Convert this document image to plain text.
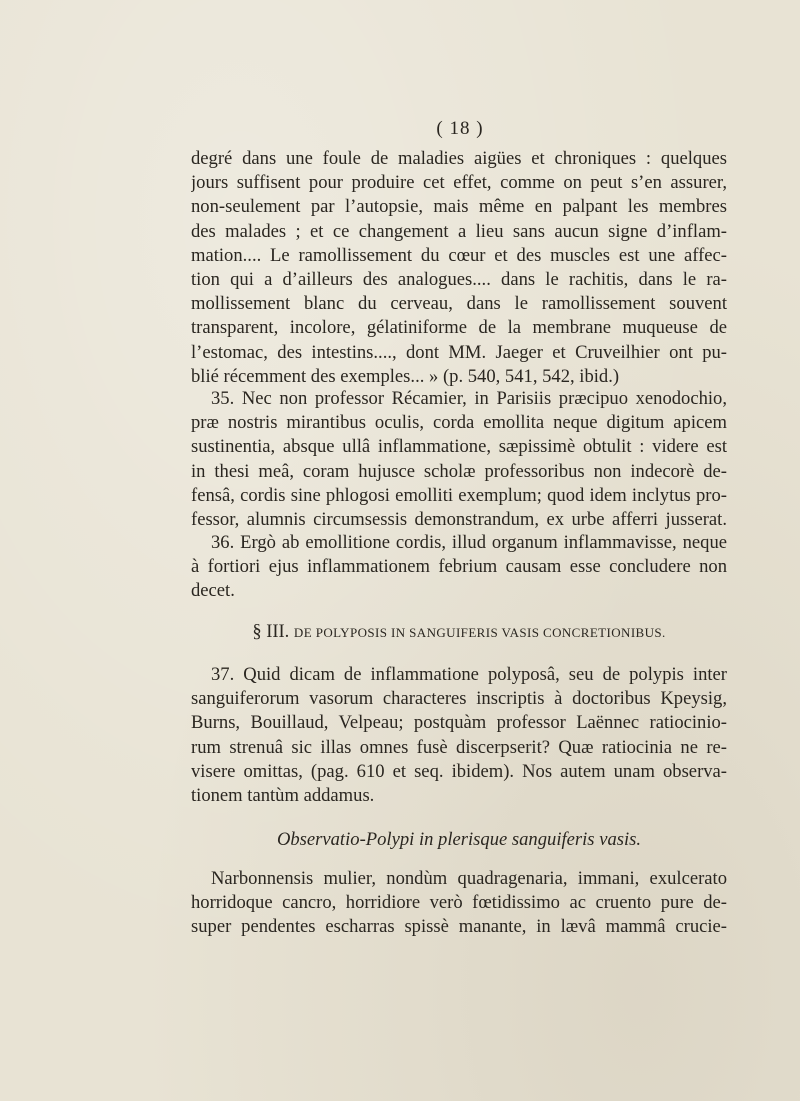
( 18 )
degré dans une foule de maladies aigües et chroniques : quelques
jours suffisent pour produire cet effet, comme on peut s’en assurer,
non-seulement par l’autopsie, mais même en palpant les membres
des malades ; et ce changement a lieu sans aucun signe d’inflam-
mation.... Le ramollissement du cœur et des muscles est une affec-
tion qui a d’ailleurs des analogues.... dans le rachitis, dans le ra-
mollissement blanc du cerveau, dans le ramollissement souvent
transparent, incolore, gélatiniforme de la membrane muqueuse de
l’estomac, des intestins...., dont MM. Jaeger et Cruveilhier ont pu-
blié récemment des exemples... » (p. 540, 541, 542, ibid.)
35. Nec non professor Récamier, in Parisiis præcipuo xenodochio,
præ nostris mirantibus oculis, corda emollita neque digitum apicem
sustinentia, absque ullâ inflammatione, sæpissimè obtulit : videre est
in thesi meâ, coram hujusce scholæ professoribus non indecorè de-
fensâ, cordis sine phlogosi emolliti exemplum; quod idem inclytus pro-
fessor, alumnis circumsessis demonstrandum, ex urbe afferri jusserat.
36. Ergò ab emollitione cordis, illud organum inflammavisse, neque
à fortiori ejus inflammationem febrium causam esse concludere non
decet.
§ III. DE POLYPOSIS IN SANGUIFERIS VASIS CONCRETIONIBUS.
37. Quid dicam de inflammatione polyposâ, seu de polypis inter
sanguiferorum vasorum characteres inscriptis à doctoribus Kpeysig,
Burns, Bouillaud, Velpeau; postquàm professor Laënnec ratiocinio-
rum strenuâ sic illas omnes fusè discerpserit? Quæ ratiocinia ne re-
visere omittas, (pag. 610 et seq. ibidem). Nos autem unam observa-
tionem tantùm addamus.
Observatio-Polypi in plerisque sanguiferis vasis.
Narbonnensis mulier, nondùm quadragenaria, immani, exulcerato
horridoque cancro, horridiore verò fœtidissimo ac cruento pure de-
super pendentes escharras spissè manante, in lævâ mammâ crucie-
